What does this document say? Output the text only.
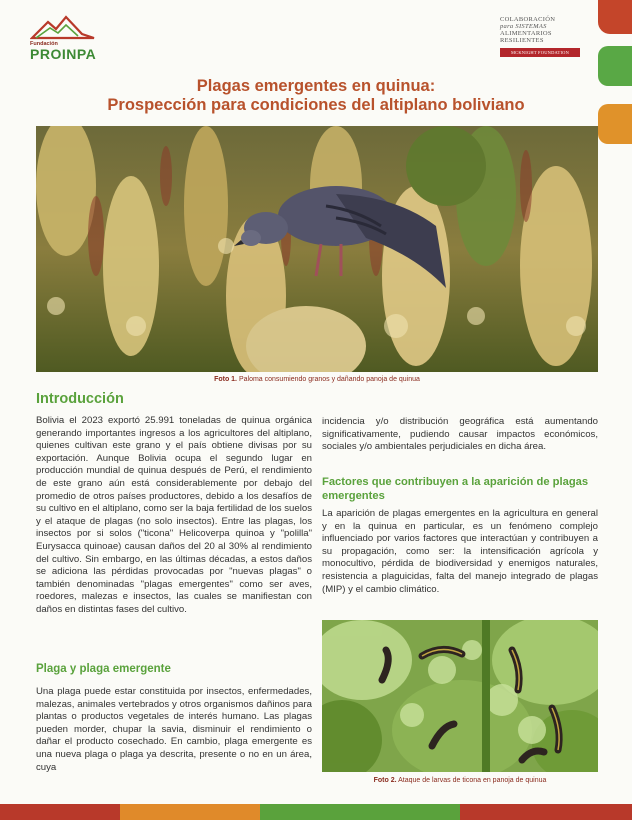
Fundación
PROINPA
COLABORACIÓN
para SISTEMAS
ALIMENTARIOS
RESILIENTES
MCKNIGHT FOUNDATION
Plagas emergentes en quinua:
Prospección para condiciones del altiplano boliviano
Foto 1. Paloma consumiendo granos y dañando panoja de quinua
Introducción

Bolivia el 2023 exportó 25.991 toneladas de quinua orgánica generando importantes ingresos a los agricultores del altiplano, quienes cultivan este grano y el país obtiene divisas por su exportación. Aunque Bolivia ocupa el segundo lugar en producción mundial de quinua después de Perú, el rendimiento de este grano aún está considerablemente por debajo del promedio de otros países productores, debido a los desafíos de su cultivo en el altiplano, como ser la baja fertilidad de los suelos y el ataque de plagas (no solo insectos). Entre las plagas, los insectos por si solos ("ticona" Helicoverpa quinoa y "polilla" Eurysacca quinoae) causan daños del 20 al 30% al rendimiento del cultivo. Sin embargo, en las últimas décadas, a estos daños se adiciona las pérdidas provocadas por "nuevas plagas" o también denominadas "plagas emergentes" como ser aves, roedores, malezas e insectos, las cuales se manifiestan con daños en distintas fases del cultivo.

Plaga y plaga emergente

Una plaga puede estar constituida por insectos, enfermedades, malezas, animales vertebrados y otros organismos dañinos para plantas o productos vegetales de interés humano. Las plagas pueden morder, chupar la savia, disminuir el rendimiento o dañar el producto cosechado. En cambio, plaga emergente es una nueva plaga o plaga ya descrita, presente o no en un área, cuya

incidencia y/o distribución geográfica está aumentando significativamente, pudiendo causar impactos económicos, sociales y/o ambientales perjudiciales en dicha área.

Factores que contribuyen a la aparición de plagas emergentes

La aparición de plagas emergentes en la agricultura en general y en la quinua en particular, es un fenómeno complejo influenciado por varios factores que interactúan y contribuyen a su propagación, como ser: la intensificación agrícola y monocultivo, pérdida de biodiversidad y enemigos naturales, resistencia a plaguicidas, falta del manejo integrado de plagas (MIP) y el cambio climático.

Foto 2. Ataque de larvas de ticona en panoja de quinua
